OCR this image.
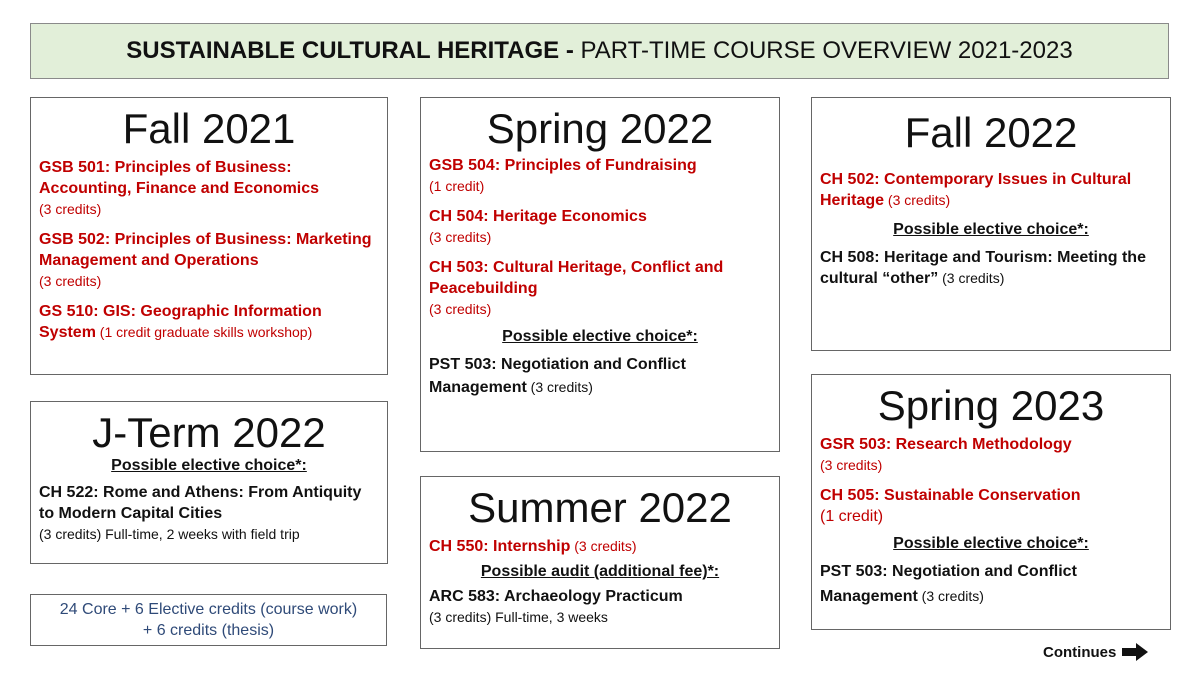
SUSTAINABLE CULTURAL HERITAGE - PART-TIME COURSE OVERVIEW 2021-2023
Fall 2021

GSB 501: Principles of Business: Accounting, Finance and Economics
(3 credits)

GSB 502: Principles of Business: Marketing Management and Operations
(3 credits)

GS 510: GIS: Geographic Information System (1 credit graduate skills workshop)

J-Term 2022

Possible elective choice*:

CH 522: Rome and Athens: From Antiquity to Modern Capital Cities
(3 credits) Full-time, 2 weeks with field trip

24 Core + 6 Elective credits (course work)
+ 6 credits (thesis)
Spring 2022

GSB 504: Principles of Fundraising
(1 credit)

CH 504: Heritage Economics
(3 credits)

CH 503: Cultural Heritage, Conflict and Peacebuilding
(3 credits)

Possible elective choice*:

PST 503: Negotiation and Conflict Management (3 credits)

Summer 2022

CH 550: Internship (3 credits)

Possible audit (additional fee)*:

ARC 583: Archaeology Practicum
(3 credits) Full-time, 3 weeks

Fall 2022

CH 502: Contemporary Issues in Cultural Heritage (3 credits)

Possible elective choice*:

CH 508: Heritage and Tourism: Meeting the cultural “other” (3 credits)

Spring 2023

GSR 503: Research Methodology
(3 credits)

CH 505: Sustainable Conservation
(1 credit)

Possible elective choice*:

PST 503: Negotiation and Conflict Management (3 credits)

Continues
